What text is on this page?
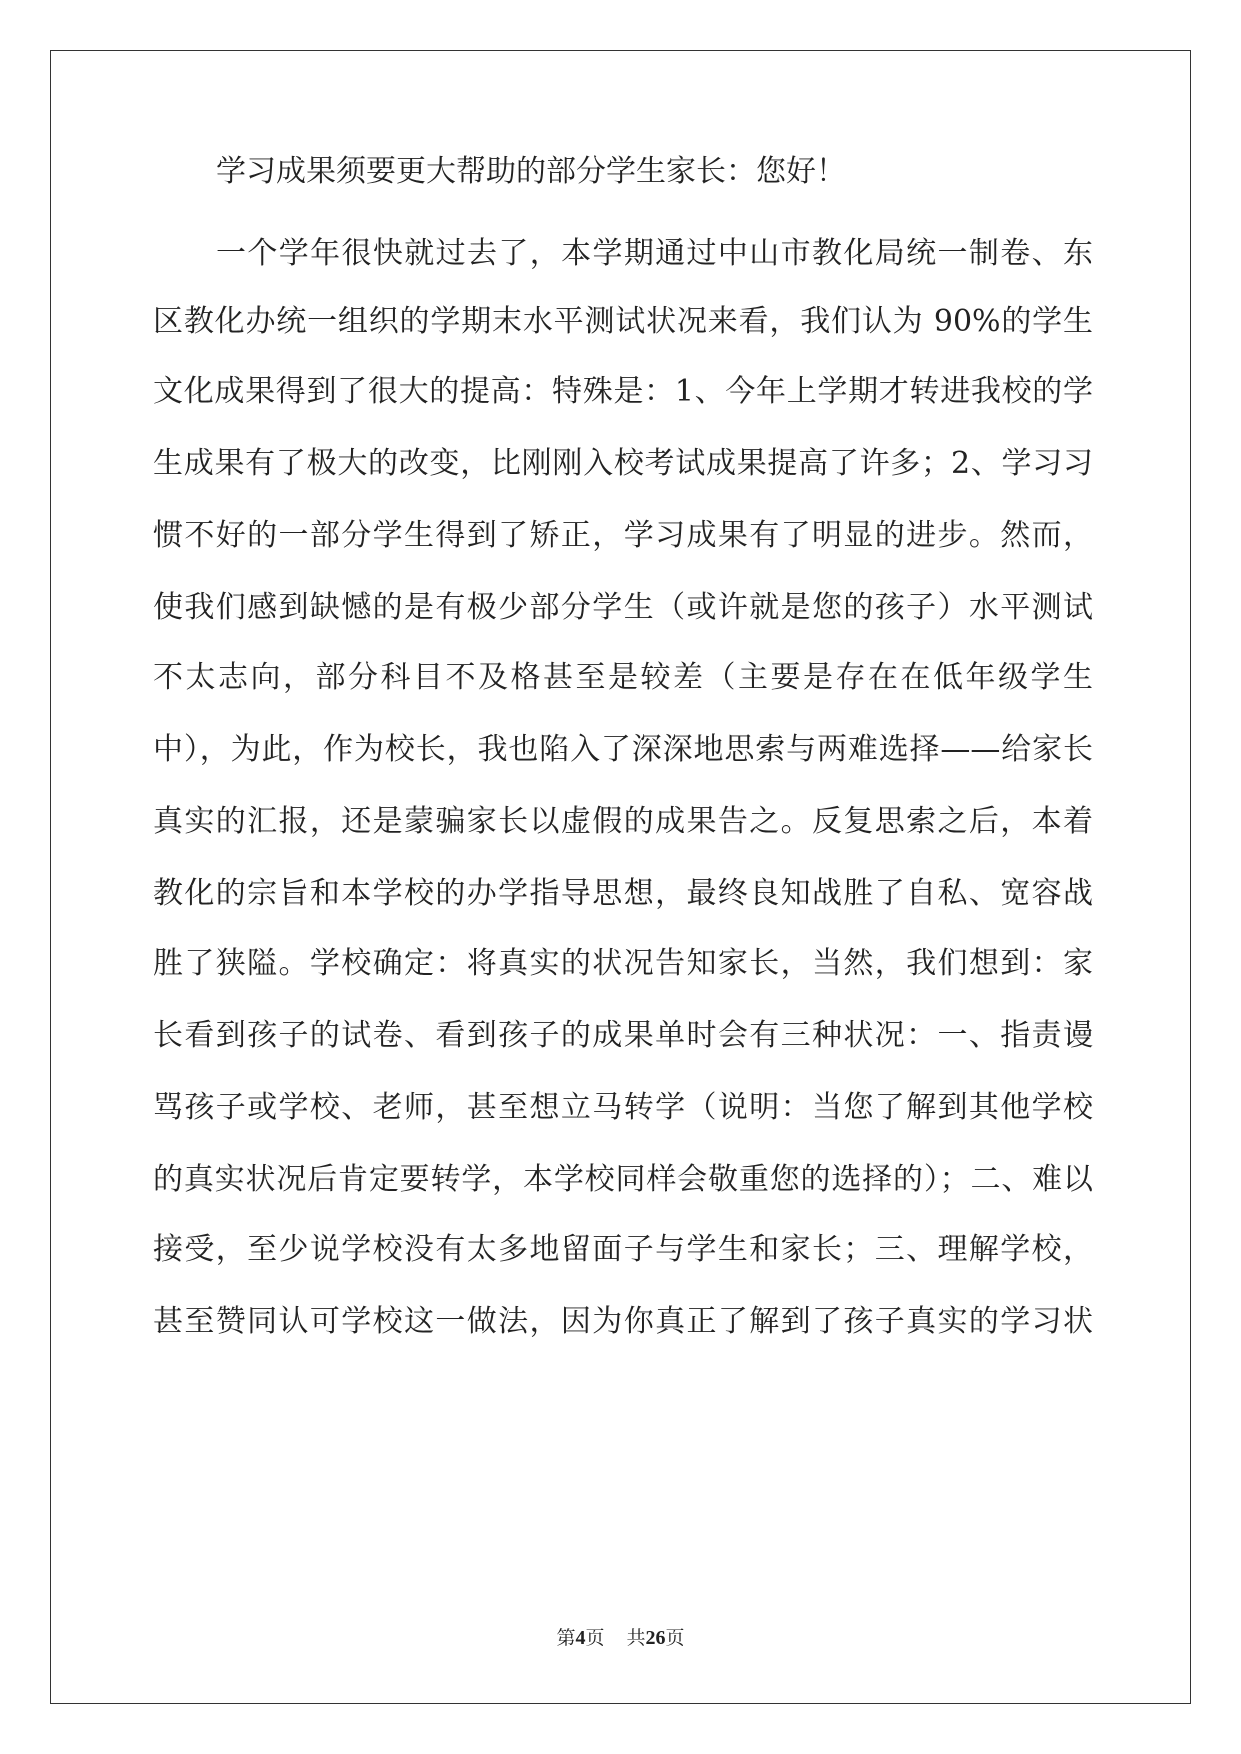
学习成果须要更大帮助的部分学生家长：您好！
一个学年很快就过去了，本学期通过中山市教化局统一制卷、东
区教化办统一组织的学期末水平测试状况来看，我们认为 90%的学生
文化成果得到了很大的提高：特殊是：1、今年上学期才转进我校的学
生成果有了极大的改变，比刚刚入校考试成果提高了许多；2、学习习
惯不好的一部分学生得到了矫正，学习成果有了明显的进步。然而，
使我们感到缺憾的是有极少部分学生（或许就是您的孩子）水平测试
不太志向，部分科目不及格甚至是较差（主要是存在在低年级学生
中），为此，作为校长，我也陷入了深深地思索与两难选择——给家长
真实的汇报，还是蒙骗家长以虚假的成果告之。反复思索之后，本着
教化的宗旨和本学校的办学指导思想，最终良知战胜了自私、宽容战
胜了狭隘。学校确定：将真实的状况告知家长，当然，我们想到：家
长看到孩子的试卷、看到孩子的成果单时会有三种状况：一、指责谩
骂孩子或学校、老师，甚至想立马转学（说明：当您了解到其他学校
的真实状况后肯定要转学，本学校同样会敬重您的选择的）；二、难以
接受，至少说学校没有太多地留面子与学生和家长；三、理解学校，
甚至赞同认可学校这一做法，因为你真正了解到了孩子真实的学习状
第4页 共26页
